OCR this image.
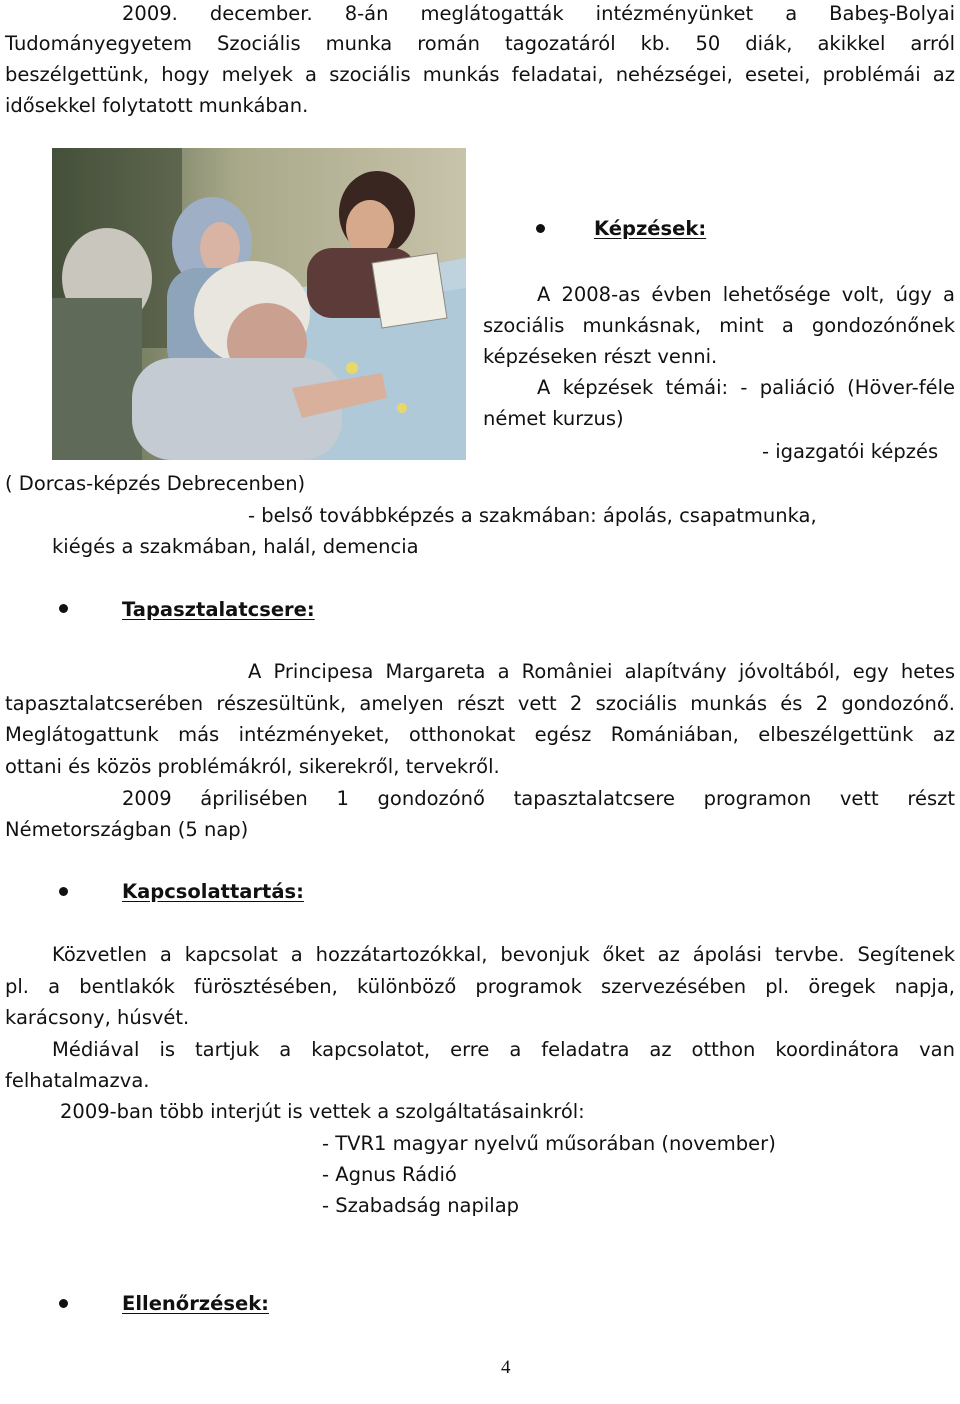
2009. december. 8-án meglátogatták intézményünket a Babeş-Bolyai
Tudományegyetem Szociális munka román tagozatáról kb. 50 diák, akikkel arról
beszélgettünk, hogy melyek a szociális munkás feladatai, nehézségei, esetei, problémái az
idősekkel folytatott munkában.
Képzések:
A 2008-as évben lehetősége volt, úgy a
szociális munkásnak, mint a gondozónőnek
képzéseken részt venni.
A képzések témái: - paliáció (Höver-féle
német kurzus)
- igazgatói képzés
( Dorcas-képzés Debrecenben)
- belső továbbképzés a szakmában: ápolás, csapatmunka,
kiégés a szakmában, halál, demencia
Tapasztalatcsere:
A Principesa Margareta a României alapítvány jóvoltából, egy hetes
tapasztalatcserében részesültünk, amelyen részt vett 2 szociális munkás és 2 gondozónő.
Meglátogattunk más intézményeket, otthonokat egész Romániában, elbeszélgettünk az
ottani és közös problémákról, sikerekről, tervekről.
2009 áprilisében 1 gondozónő tapasztalatcsere programon vett részt
Németországban (5 nap)
Kapcsolattartás:
Közvetlen a kapcsolat a hozzátartozókkal, bevonjuk őket az ápolási tervbe. Segítenek
pl. a bentlakók fürösztésében, különböző programok szervezésében pl. öregek napja,
karácsony, húsvét.
Médiával is tartjuk a kapcsolatot, erre a feladatra az otthon koordinátora van
felhatalmazva.
2009-ban több interjút is vettek a szolgáltatásainkról:
- TVR1 magyar nyelvű műsorában (november)
- Agnus Rádió
- Szabadság napilap
Ellenőrzések:
4
